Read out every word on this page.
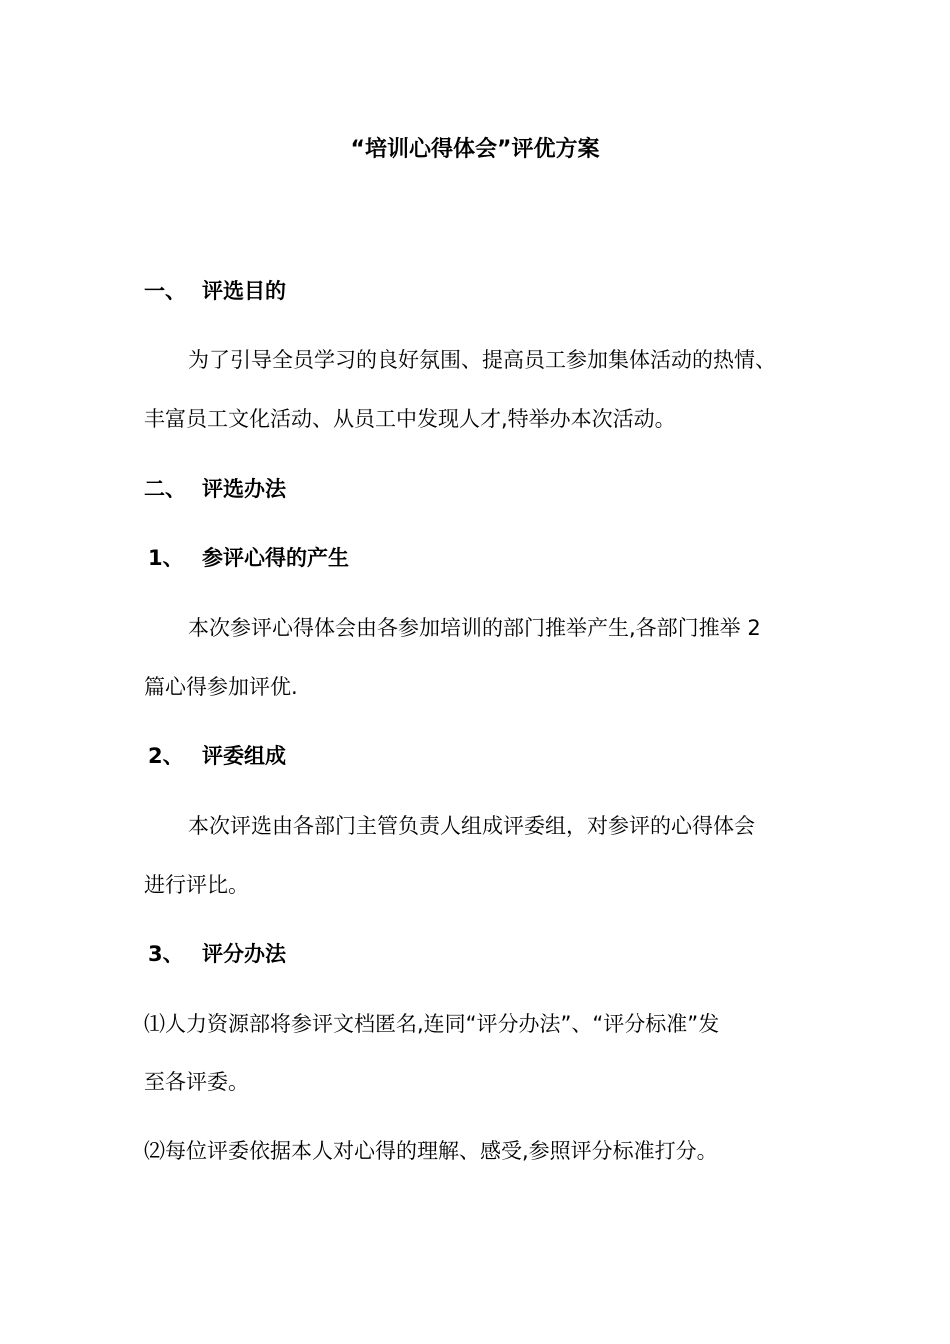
“培训心得体会”评优方案
一、 评选目的
为了引导全员学习的良好氛围、提高员工参加集体活动的热情、
丰富员工文化活动、从员工中发现人才,特举办本次活动。
二、 评选办法
1、 参评心得的产生
本次参评心得体会由各参加培训的部门推举产生,各部门推举 2
篇心得参加评优.
2、 评委组成
本次评选由各部门主管负责人组成评委组，对参评的心得体会
进行评比。
3、 评分办法
⑴人力资源部将参评文档匿名,连同“评分办法”、“评分标准”发
至各评委。
⑵每位评委依据本人对心得的理解、感受,参照评分标准打分。
